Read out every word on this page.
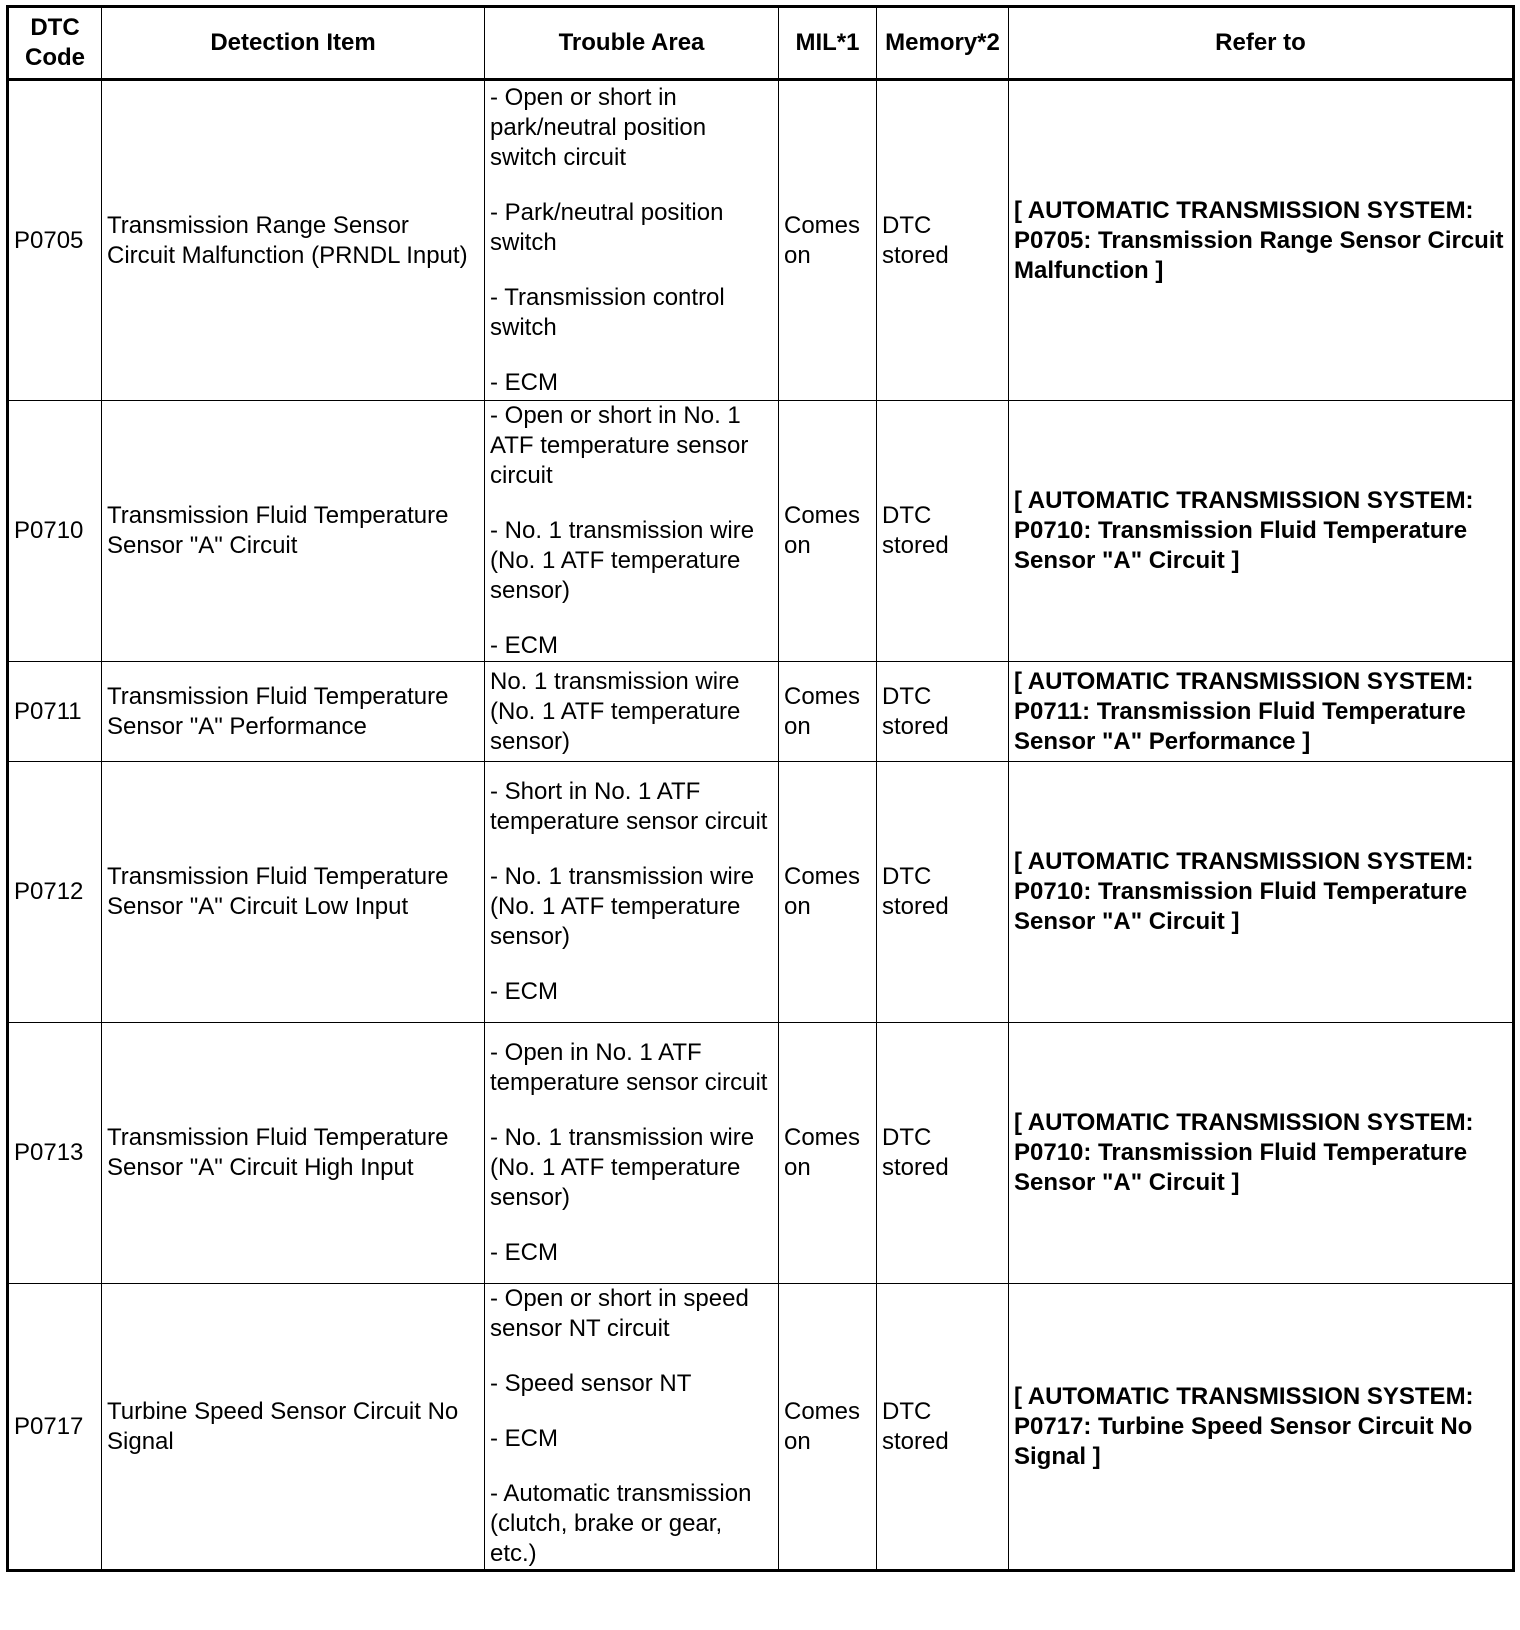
DTC
Code	Detection Item	Trouble Area	MIL*1	Memory*2	Refer to
P0705	Transmission Range Sensor Circuit Malfunction (PRNDL Input)	- Open or short in park/neutral position switch circuit
- Park/neutral position switch
- Transmission control switch
- ECM	Comes on	DTC stored	[ AUTOMATIC TRANSMISSION SYSTEM: P0705: Transmission Range Sensor Circuit Malfunction ]
P0710	Transmission Fluid Temperature Sensor "A" Circuit	- Open or short in No. 1 ATF temperature sensor circuit
- No. 1 transmission wire (No. 1 ATF temperature sensor)
- ECM	Comes on	DTC stored	[ AUTOMATIC TRANSMISSION SYSTEM: P0710: Transmission Fluid Temperature Sensor "A" Circuit ]
P0711	Transmission Fluid Temperature Sensor "A" Performance	No. 1 transmission wire (No. 1 ATF temperature sensor)	Comes on	DTC stored	[ AUTOMATIC TRANSMISSION SYSTEM: P0711: Transmission Fluid Temperature Sensor "A" Performance ]
P0712	Transmission Fluid Temperature Sensor "A" Circuit Low Input	- Short in No. 1 ATF temperature sensor circuit
- No. 1 transmission wire (No. 1 ATF temperature sensor)
- ECM	Comes on	DTC stored	[ AUTOMATIC TRANSMISSION SYSTEM: P0710: Transmission Fluid Temperature Sensor "A" Circuit ]
P0713	Transmission Fluid Temperature Sensor "A" Circuit High Input	- Open in No. 1 ATF temperature sensor circuit
- No. 1 transmission wire (No. 1 ATF temperature sensor)
- ECM	Comes on	DTC stored	[ AUTOMATIC TRANSMISSION SYSTEM: P0710: Transmission Fluid Temperature Sensor "A" Circuit ]
P0717	Turbine Speed Sensor Circuit No Signal	- Open or short in speed sensor NT circuit
- Speed sensor NT
- ECM
- Automatic transmission (clutch, brake or gear, etc.)	Comes on	DTC stored	[ AUTOMATIC TRANSMISSION SYSTEM: P0717: Turbine Speed Sensor Circuit No Signal ]
